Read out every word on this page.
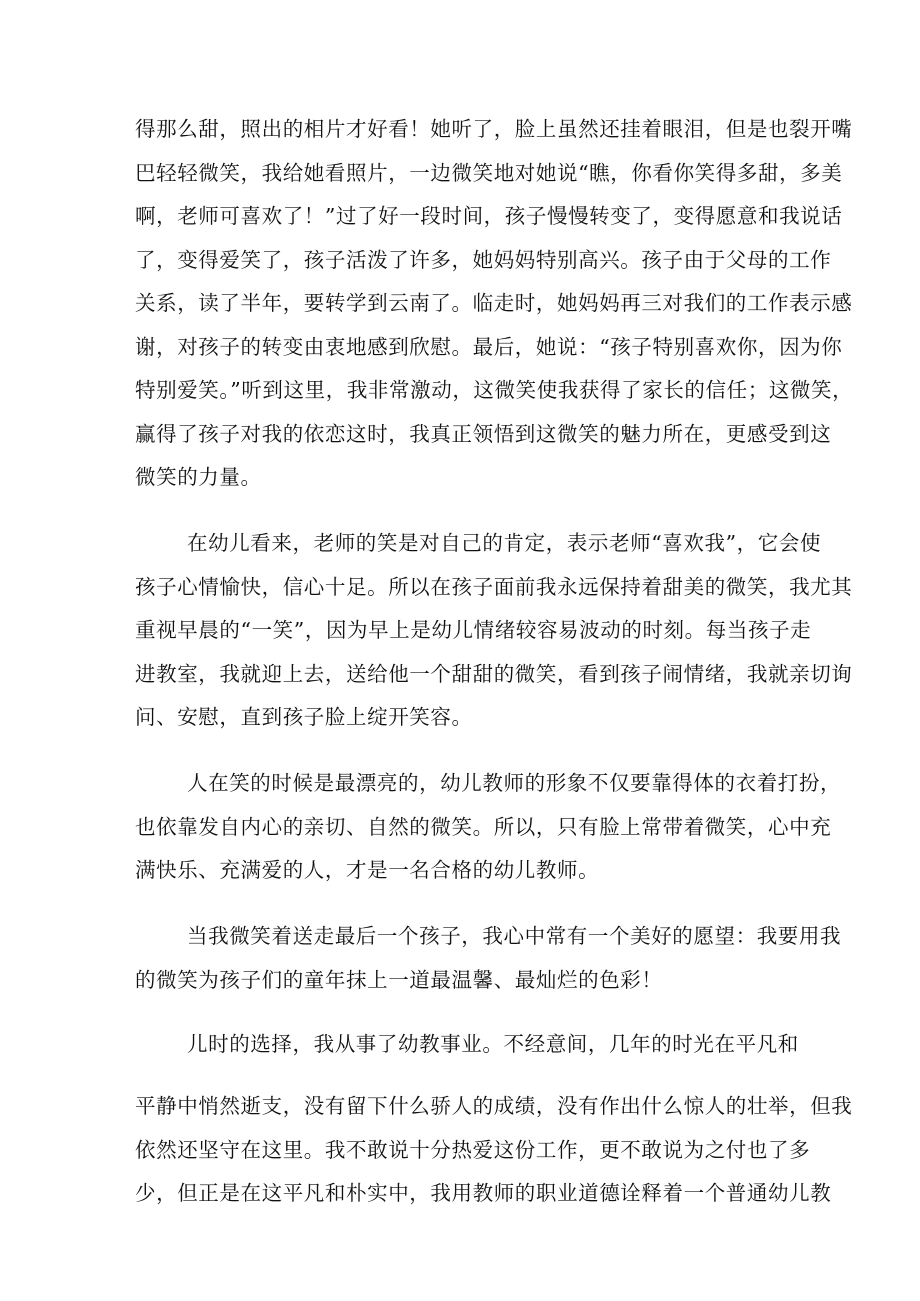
得那么甜，照出的相片才好看！她听了，脸上虽然还挂着眼泪，但是也裂开嘴
巴轻轻微笑，我给她看照片，一边微笑地对她说“瞧，你看你笑得多甜，多美
啊，老师可喜欢了！”过了好一段时间，孩子慢慢转变了，变得愿意和我说话
了，变得爱笑了，孩子活泼了许多，她妈妈特别高兴。孩子由于父母的工作
关系，读了半年，要转学到云南了。临走时，她妈妈再三对我们的工作表示感
谢，对孩子的转变由衷地感到欣慰。最后，她说：“孩子特别喜欢你，因为你
特别爱笑。”听到这里，我非常激动，这微笑使我获得了家长的信任；这微笑，
赢得了孩子对我的依恋这时，我真正领悟到这微笑的魅力所在，更感受到这
微笑的力量。
在幼儿看来，老师的笑是对自己的肯定，表示老师“喜欢我”，它会使
孩子心情愉快，信心十足。所以在孩子面前我永远保持着甜美的微笑，我尤其
重视早晨的“一笑”，因为早上是幼儿情绪较容易波动的时刻。每当孩子走
进教室，我就迎上去，送给他一个甜甜的微笑，看到孩子闹情绪，我就亲切询
问、安慰，直到孩子脸上绽开笑容。
人在笑的时候是最漂亮的，幼儿教师的形象不仅要靠得体的衣着打扮，
也依靠发自内心的亲切、自然的微笑。所以，只有脸上常带着微笑，心中充
满快乐、充满爱的人，才是一名合格的幼儿教师。
当我微笑着送走最后一个孩子，我心中常有一个美好的愿望：我要用我
的微笑为孩子们的童年抹上一道最温馨、最灿烂的色彩！
儿时的选择，我从事了幼教事业。不经意间，几年的时光在平凡和
平静中悄然逝支，没有留下什么骄人的成绩，没有作出什么惊人的壮举，但我
依然还坚守在这里。我不敢说十分热爱这份工作，更不敢说为之付也了多
少，但正是在这平凡和朴实中，我用教师的职业道德诠释着一个普通幼儿教
